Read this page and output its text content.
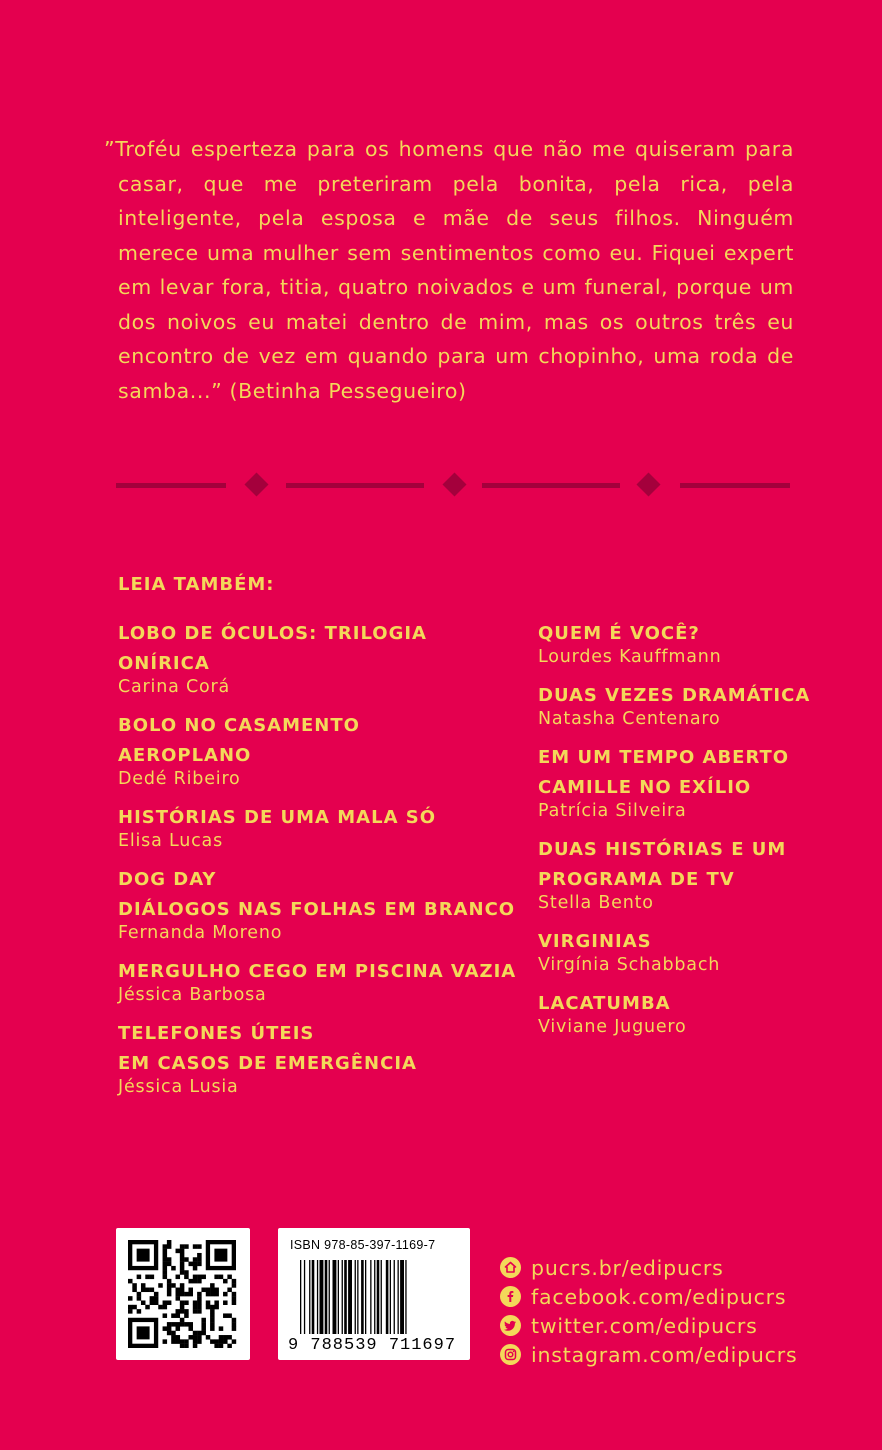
”Troféu esperteza para os homens que não me quiseram para casar, que me preteriram pela bonita, pela rica, pela inteligente, pela esposa e mãe de seus filhos. Ninguém merece uma mulher sem sentimentos como eu. Fiquei expert em levar fora, titia, quatro noivados e um funeral, porque um dos noivos eu matei dentro de mim, mas os outros três eu encontro de vez em quando para um chopinho, uma roda de samba...” (Betinha Pessegueiro)

LEIA TAMBÉM:
LOBO DE ÓCULOS: TRILOGIA ONÍRICA
Carina Corá
BOLO NO CASAMENTO
AEROPLANO
Dedé Ribeiro
HISTÓRIAS DE UMA MALA SÓ
Elisa Lucas
DOG DAY
DIÁLOGOS NAS FOLHAS EM BRANCO
Fernanda Moreno
MERGULHO CEGO EM PISCINA VAZIA
Jéssica Barbosa
TELEFONES ÚTEIS
EM CASOS DE EMERGÊNCIA
Jéssica Lusia
QUEM É VOCÊ?
Lourdes Kauffmann
DUAS VEZES DRAMÁTICA
Natasha Centenaro
EM UM TEMPO ABERTO
CAMILLE NO EXÍLIO
Patrícia Silveira
DUAS HISTÓRIAS E UM
PROGRAMA DE TV
Stella Bento
VIRGINIAS
Virgínia Schabbach
LACATUMBA
Viviane Juguero
ISBN 978-85-397-1169-7
9 788539 711697
pucrs.br/edipucrs
facebook.com/edipucrs
twitter.com/edipucrs
instagram.com/edipucrs
